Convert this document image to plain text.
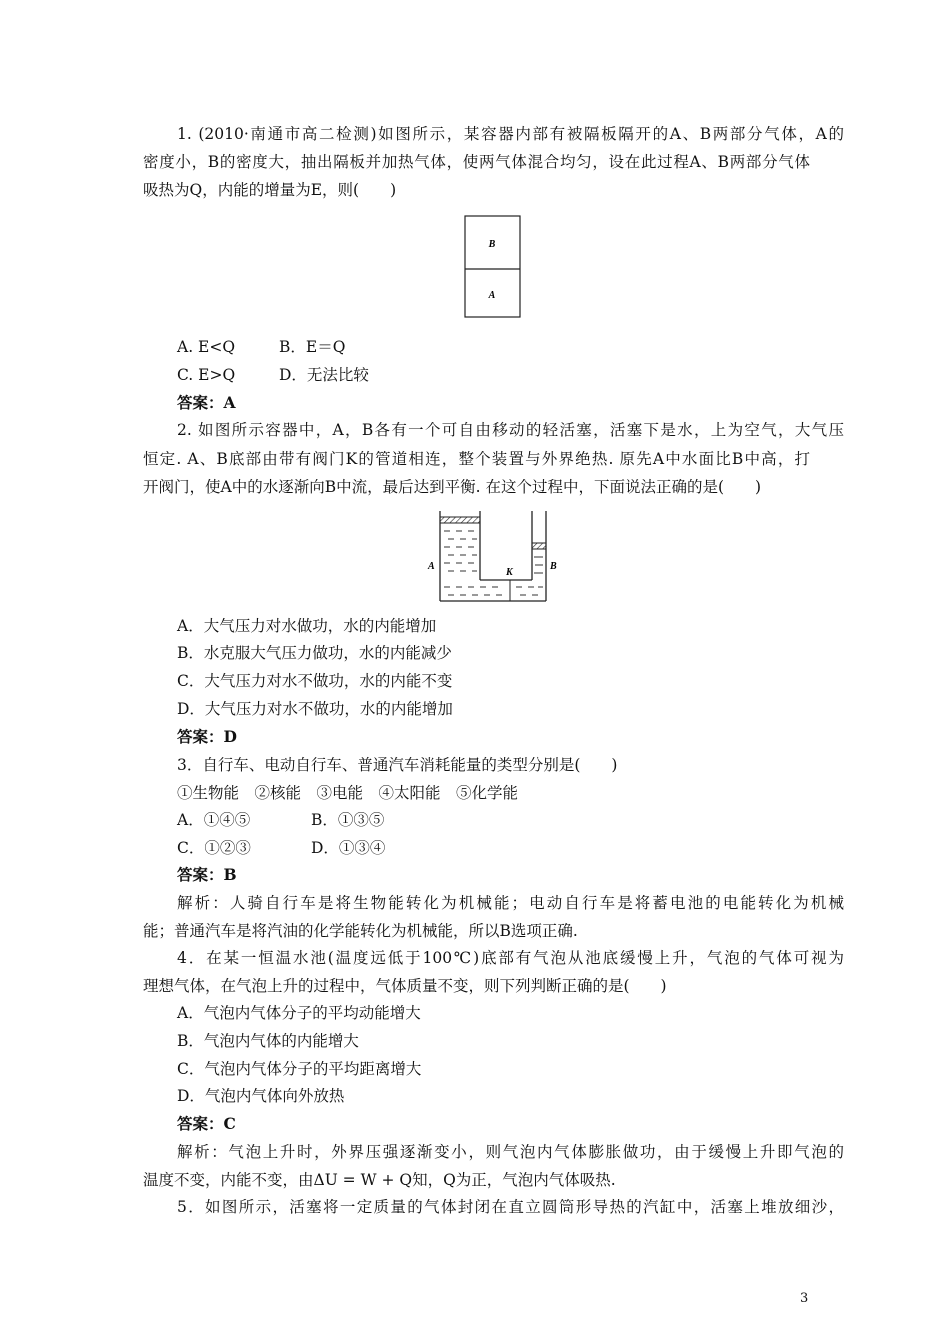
1. (2010·南通市高二检测)如图所示，某容器内部有被隔板隔开的A、B两部分气体，A的
密度小，B的密度大，抽出隔板并加热气体，使两气体混合均匀，设在此过程A、B两部分气体
吸热为Q，内能的增量为E，则(　　)
B
A
A. E<Q	B．E＝Q
C. E>Q	D．无法比较
答案：A
2. 如图所示容器中，A，B各有一个可自由移动的轻活塞，活塞下是水，上为空气，大气压
恒定. A、B底部由带有阀门K的管道相连，整个装置与外界绝热. 原先A中水面比B中高，打
开阀门，使A中的水逐渐向B中流，最后达到平衡. 在这个过程中，下面说法正确的是(　　)
A
K
B
A．大气压力对水做功，水的内能增加
B．水克服大气压力做功，水的内能减少
C．大气压力对水不做功，水的内能不变
D．大气压力对水不做功，水的内能增加
答案：D
3．自行车、电动自行车、普通汽车消耗能量的类型分别是(　　)
①生物能　②核能　③电能　④太阳能　⑤化学能
A．①④⑤	B．①③⑤
C．①②③	D．①③④
答案：B
解析：人骑自行车是将生物能转化为机械能；电动自行车是将蓄电池的电能转化为机械
能；普通汽车是将汽油的化学能转化为机械能，所以B选项正确.
4．在某一恒温水池(温度远低于100℃)底部有气泡从池底缓慢上升，气泡的气体可视为
理想气体，在气泡上升的过程中，气体质量不变，则下列判断正确的是(　　)
A．气泡内气体分子的平均动能增大
B．气泡内气体的内能增大
C．气泡内气体分子的平均距离增大
D．气泡内气体向外放热
答案：C
解析：气泡上升时，外界压强逐渐变小，则气泡内气体膨胀做功，由于缓慢上升即气泡的
温度不变，内能不变，由ΔU = W + Q知，Q为正，气泡内气体吸热.
5．如图所示，活塞将一定质量的气体封闭在直立圆筒形导热的汽缸中，活塞上堆放细沙，
3
